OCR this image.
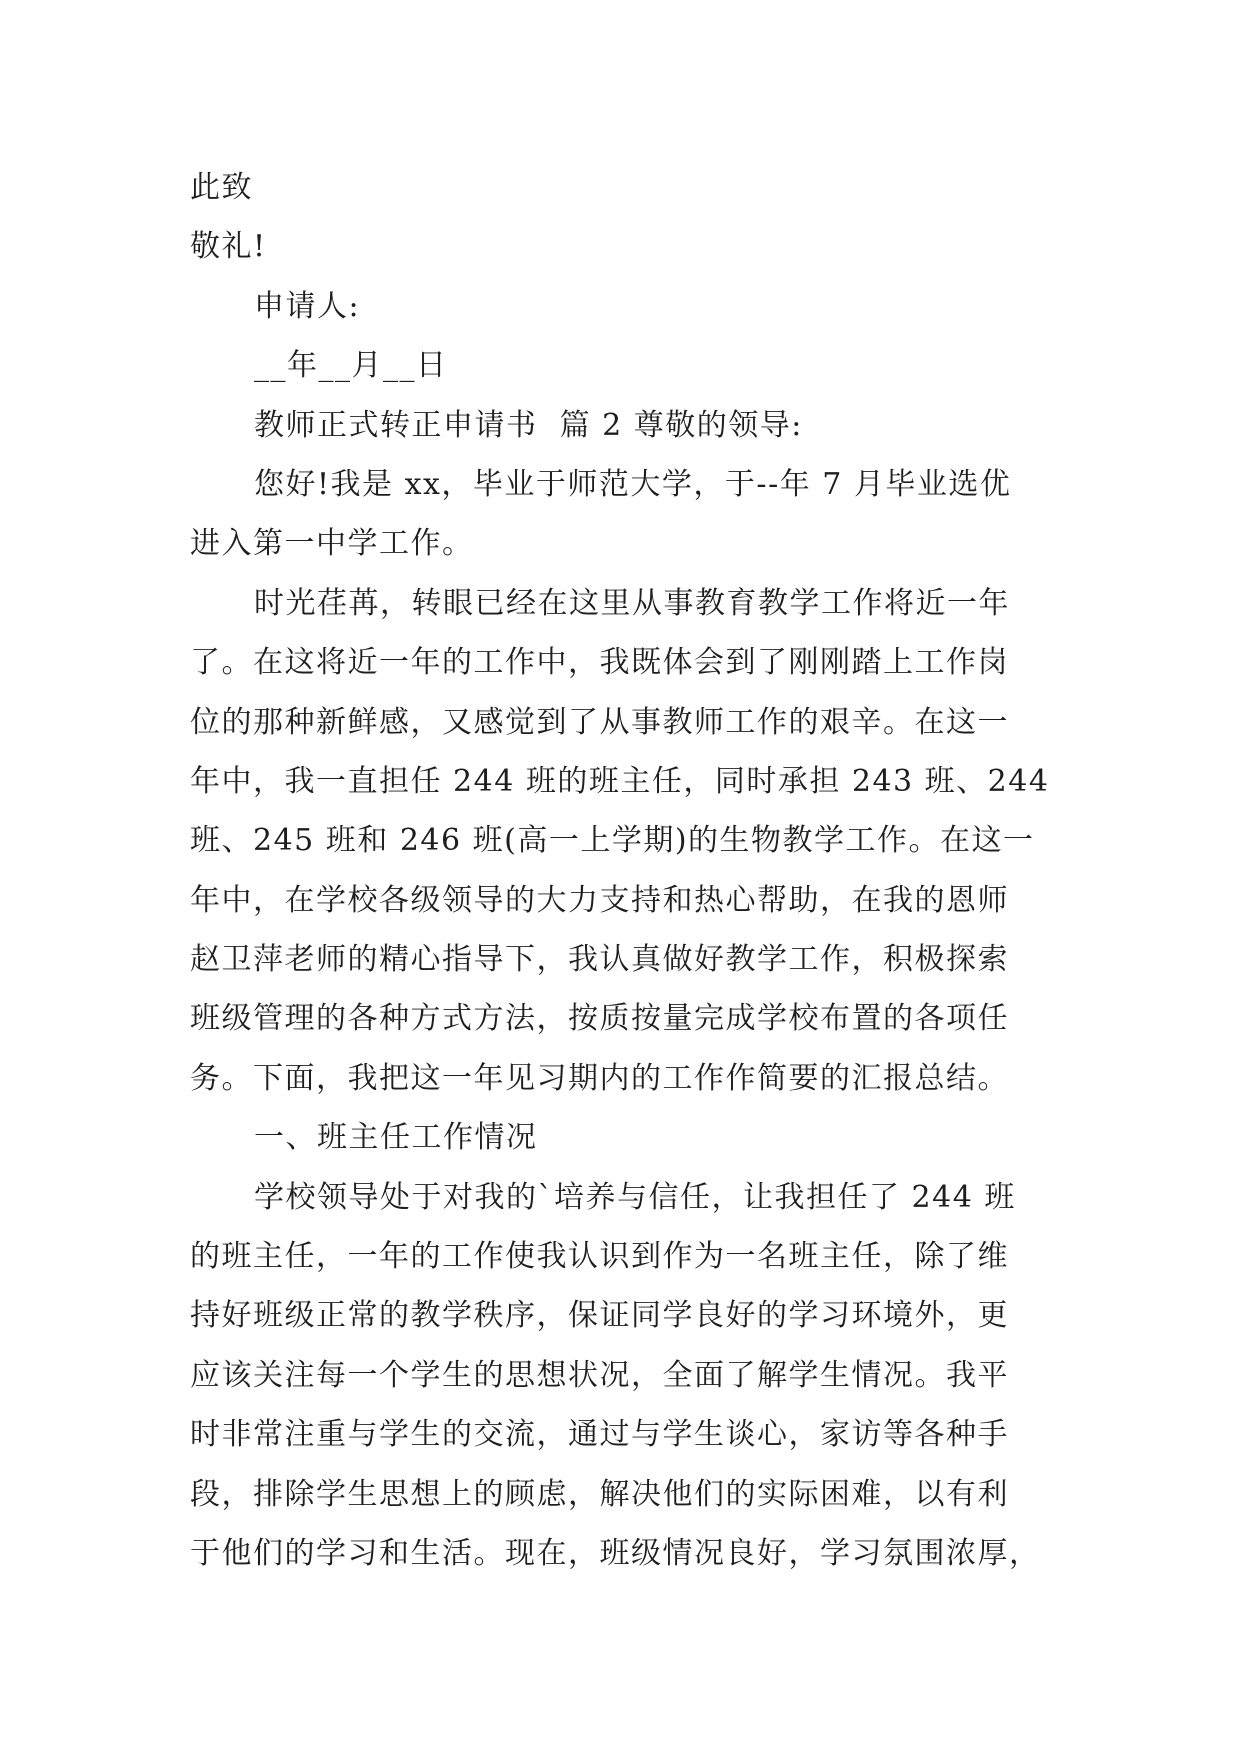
此致
敬礼!
申请人:
__年__月__日
教师正式转正申请书  篇 2 尊敬的领导:
您好!我是 xx，毕业于师范大学，于--年 7 月毕业选优
进入第一中学工作。
时光荏苒，转眼已经在这里从事教育教学工作将近一年
了。在这将近一年的工作中，我既体会到了刚刚踏上工作岗
位的那种新鲜感，又感觉到了从事教师工作的艰辛。在这一
年中，我一直担任 244 班的班主任，同时承担 243 班、244
班、245 班和 246 班(高一上学期)的生物教学工作。在这一
年中，在学校各级领导的大力支持和热心帮助，在我的恩师
赵卫萍老师的精心指导下，我认真做好教学工作，积极探索
班级管理的各种方式方法，按质按量完成学校布置的各项任
务。下面，我把这一年见习期内的工作作简要的汇报总结。
一、班主任工作情况
学校领导处于对我的`培养与信任，让我担任了 244 班
的班主任，一年的工作使我认识到作为一名班主任，除了维
持好班级正常的教学秩序，保证同学良好的学习环境外，更
应该关注每一个学生的思想状况，全面了解学生情况。我平
时非常注重与学生的交流，通过与学生谈心，家访等各种手
段，排除学生思想上的顾虑，解决他们的实际困难，以有利
于他们的学习和生活。现在，班级情况良好，学习氛围浓厚，
